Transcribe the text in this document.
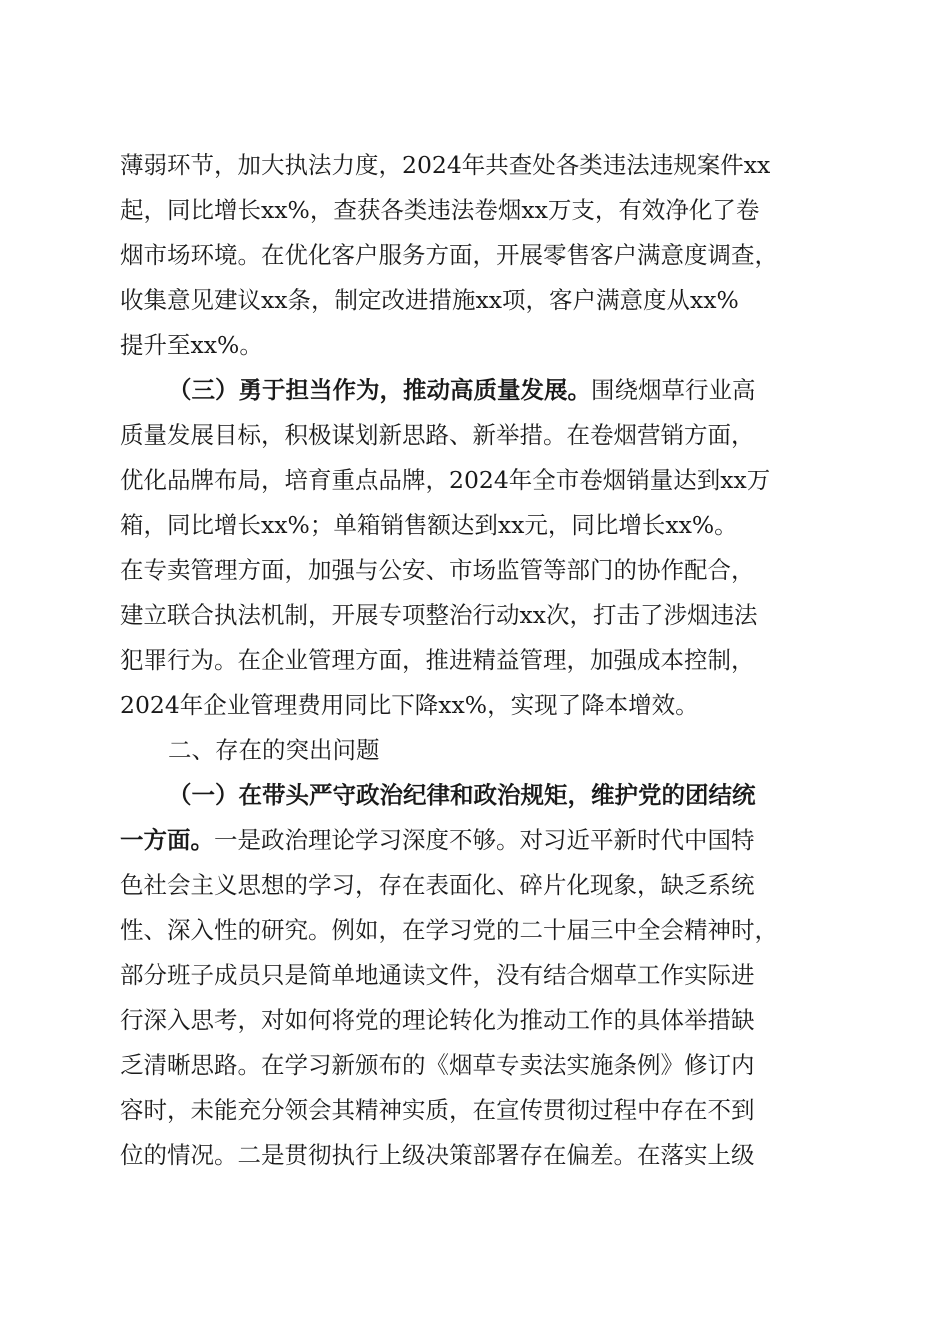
薄弱环节，加大执法力度，2024年共查处各类违法违规案件xx
起，同比增长xx%，查获各类违法卷烟xx万支，有效净化了卷
烟市场环境。在优化客户服务方面，开展零售客户满意度调查，
收集意见建议xx条，制定改进措施xx项，客户满意度从xx%
提升至xx%。
（三）勇于担当作为，推动高质量发展。围绕烟草行业高
质量发展目标，积极谋划新思路、新举措。在卷烟营销方面，
优化品牌布局，培育重点品牌，2024年全市卷烟销量达到xx万
箱，同比增长xx%；单箱销售额达到xx元，同比增长xx%。
在专卖管理方面，加强与公安、市场监管等部门的协作配合，
建立联合执法机制，开展专项整治行动xx次，打击了涉烟违法
犯罪行为。在企业管理方面，推进精益管理，加强成本控制，
2024年企业管理费用同比下降xx%，实现了降本增效。
二、存在的突出问题
（一）在带头严守政治纪律和政治规矩，维护党的团结统
一方面。一是政治理论学习深度不够。对习近平新时代中国特
色社会主义思想的学习，存在表面化、碎片化现象，缺乏系统
性、深入性的研究。例如，在学习党的二十届三中全会精神时，
部分班子成员只是简单地通读文件，没有结合烟草工作实际进
行深入思考，对如何将党的理论转化为推动工作的具体举措缺
乏清晰思路。在学习新颁布的《烟草专卖法实施条例》修订内
容时，未能充分领会其精神实质，在宣传贯彻过程中存在不到
位的情况。二是贯彻执行上级决策部署存在偏差。在落实上级
